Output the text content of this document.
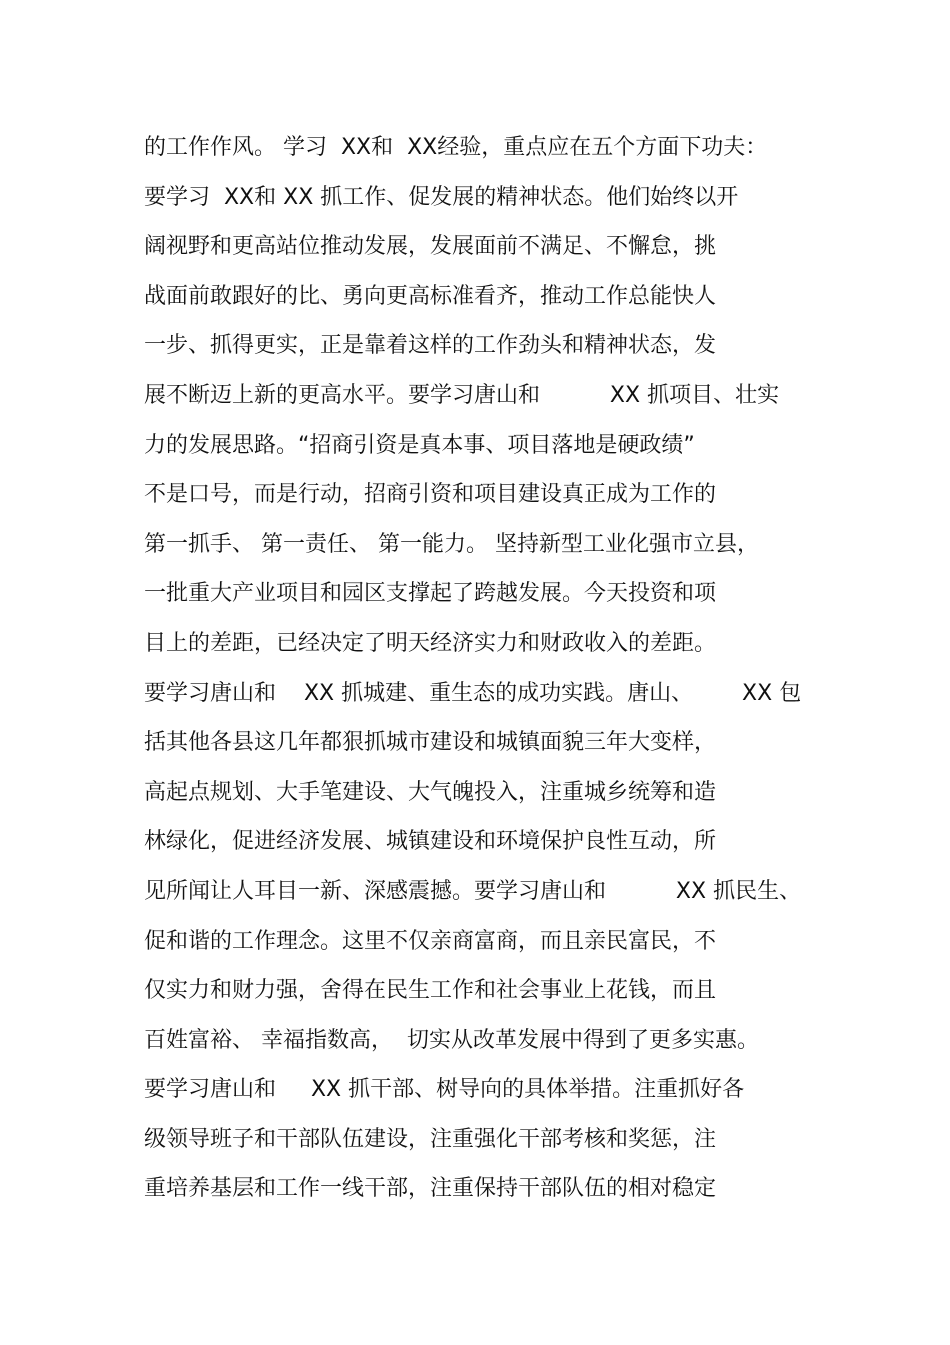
的工作作风。 学习  XX和  XX经验，重点应在五个方面下功夫：
要学习  XX和 XX 抓工作、促发展的精神状态。他们始终以开
阔视野和更高站位推动发展，发展面前不满足、不懈怠，挑
战面前敢跟好的比、勇向更高标准看齐，推动工作总能快人
一步、抓得更实，正是靠着这样的工作劲头和精神状态，发
展不断迈上新的更高水平。要学习唐山和          XX 抓项目、壮实
力的发展思路。“招商引资是真本事、项目落地是硬政绩”
不是口号，而是行动，招商引资和项目建设真正成为工作的
第一抓手、 第一责任、 第一能力。 坚持新型工业化强市立县，
一批重大产业项目和园区支撑起了跨越发展。今天投资和项
目上的差距，已经决定了明天经济实力和财政收入的差距。
要学习唐山和    XX 抓城建、重生态的成功实践。唐山、       XX 包
括其他各县这几年都狠抓城市建设和城镇面貌三年大变样，
高起点规划、大手笔建设、大气魄投入，注重城乡统筹和造
林绿化，促进经济发展、城镇建设和环境保护良性互动，所
见所闻让人耳目一新、深感震撼。要学习唐山和          XX 抓民生、
促和谐的工作理念。这里不仅亲商富商，而且亲民富民，不
仅实力和财力强，舍得在民生工作和社会事业上花钱，而且
百姓富裕、 幸福指数高，  切实从改革发展中得到了更多实惠。
要学习唐山和     XX 抓干部、树导向的具体举措。注重抓好各
级领导班子和干部队伍建设，注重强化干部考核和奖惩，注
重培养基层和工作一线干部，注重保持干部队伍的相对稳定
